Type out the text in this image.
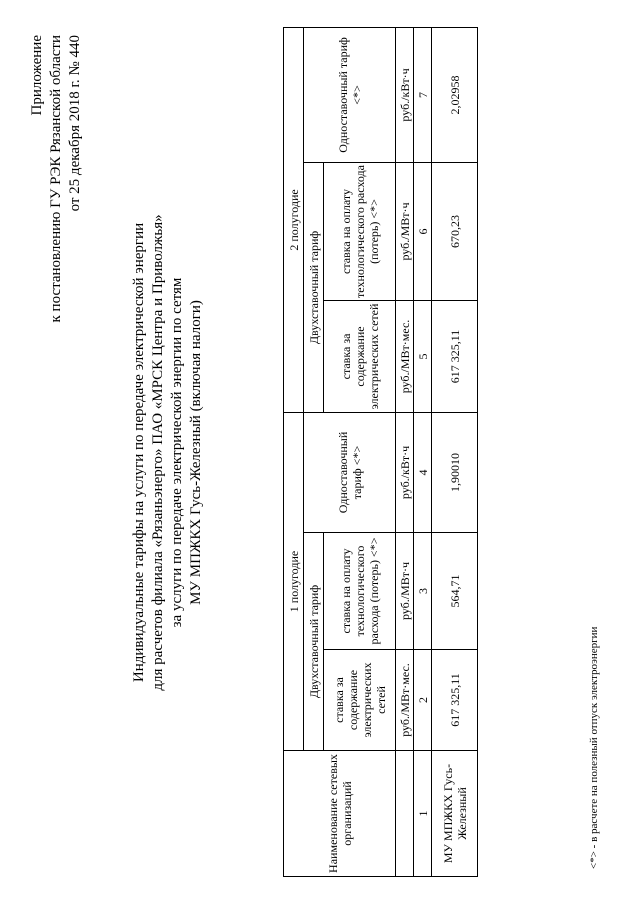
Приложение к постановлению ГУ РЭК Рязанской области от 25 декабря 2018 г. № 440
Индивидуальные тарифы на услуги по передаче электрической энергии для расчетов филиала «Рязаньэнерго» ПАО «МРСК Центра и Приволжья» за услуги по передаче электрической энергии по сетям МУ МПЖКХ Гусь-Железный (включая налоги)
Наименование сетевых организаций	1 полугодие			2 полугодие		
	Двухставочный тариф		Одноставочный тариф <*>	Двухставочный тариф		Одноставочный тариф <*>
	ставка за содержание электрических сетей	ставка на оплату технологического расхода (потерь) <*>		ставка за содержание электрических сетей	ставка на оплату технологического расхода (потерь) <*>	
	руб./МВт·мес.	руб./МВт·ч	руб./кВт·ч	руб./МВт·мес.	руб./МВт·ч	руб./кВт·ч
1	2	3	4	5	6	7
МУ МПЖКХ Гусь-Железный	617 325,11	564,71	1,90010	617 325,11	670,23	2,02958
<*> - в расчете на полезный отпуск электроэнергии
